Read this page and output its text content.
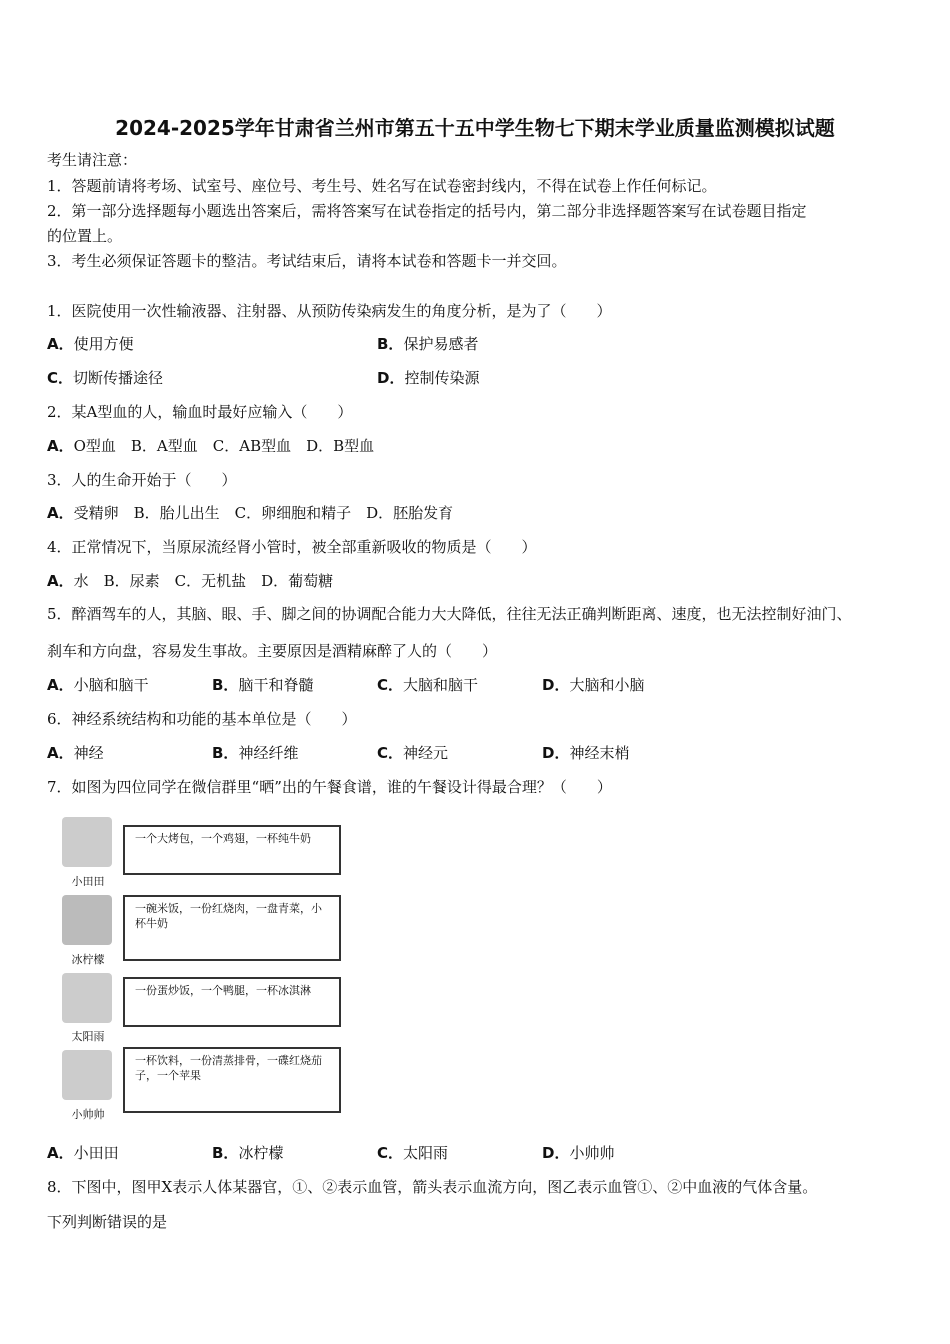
2024-2025学年甘肃省兰州市第五十五中学生物七下期末学业质量监测模拟试题
考生请注意：
1．答题前请将考场、试室号、座位号、考生号、姓名写在试卷密封线内，不得在试卷上作任何标记。
2．第一部分选择题每小题选出答案后，需将答案写在试卷指定的括号内，第二部分非选择题答案写在试卷题目指定
的位置上。
3．考生必须保证答题卡的整洁。考试结束后，请将本试卷和答题卡一并交回。
1．医院使用一次性输液器、注射器、从预防传染病发生的角度分析，是为了（　　）
A．使用方便	B．保护易感者
C．切断传播途径	D．控制传染源
2．某A型血的人，输血时最好应输入（　　）
A．O型血　B．A型血　C．AB型血　D．B型血
3．人的生命开始于（　　）
A．受精卵　B．胎儿出生　C．卵细胞和精子　D．胚胎发育
4．正常情况下，当原尿流经肾小管时，被全部重新吸收的物质是（　　）
A．水　B．尿素　C．无机盐　D．葡萄糖
5．醉酒驾车的人，其脑、眼、手、脚之间的协调配合能力大大降低，往往无法正确判断距离、速度，也无法控制好油门、
刹车和方向盘，容易发生事故。主要原因是酒精麻醉了人的（　　）
A．小脑和脑干	B．脑干和脊髓	C．大脑和脑干	D．大脑和小脑
6．神经系统结构和功能的基本单位是（　　）
A．神经	B．神经纤维	C．神经元	D．神经末梢
7．如图为四位同学在微信群里“晒”出的午餐食谱，谁的午餐设计得最合理？（　　）
小田田
一个大烤包，一个鸡翅，一杯纯牛奶
冰柠檬
一碗米饭，一份红烧肉，一盘青菜，小杯牛奶
太阳雨
一份蛋炒饭，一个鸭腿，一杯冰淇淋
小帅帅
一杯饮料，一份清蒸排骨，一碟红烧茄子，一个苹果
A．小田田	B．冰柠檬	C．太阳雨	D．小帅帅
8．下图中，图甲X表示人体某器官，①、②表示血管，箭头表示血流方向，图乙表示血管①、②中血液的气体含量。
下列判断错误的是
